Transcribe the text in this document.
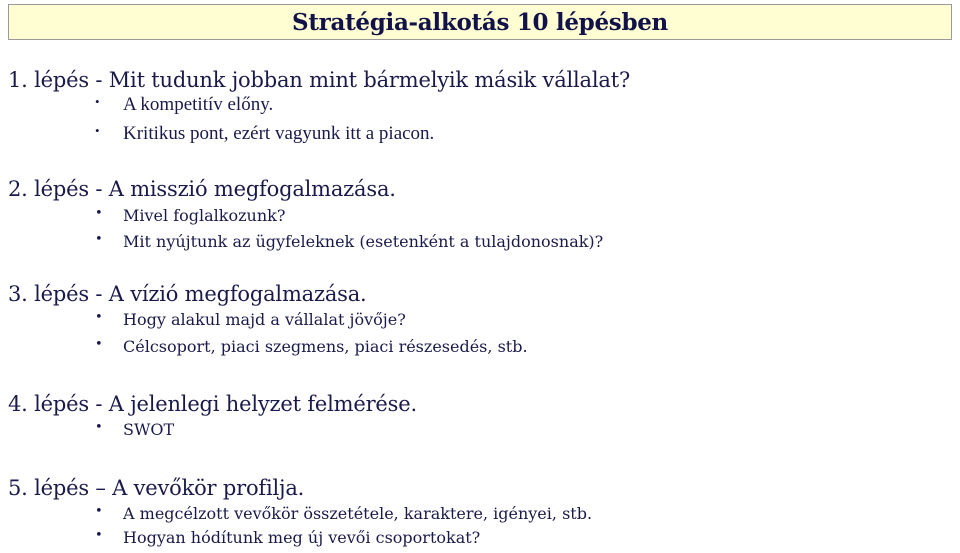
Stratégia-alkotás 10 lépésben
1. lépés - Mit tudunk jobban mint bármelyik másik vállalat?
• A kompetitív előny.
• Kritikus pont, ezért vagyunk itt a piacon.
2. lépés - A misszió megfogalmazása.
• Mivel foglalkozunk?
• Mit nyújtunk az ügyfeleknek (esetenként a tulajdonosnak)?
3. lépés - A vízió megfogalmazása.
• Hogy alakul majd a vállalat jövője?
• Célcsoport, piaci szegmens, piaci részesedés, stb.
4. lépés - A jelenlegi helyzet felmérése.
• SWOT
5. lépés – A vevőkör profilja.
• A megcélzott vevőkör összetétele, karaktere, igényei, stb.
• Hogyan hódítunk meg új vevői csoportokat?
